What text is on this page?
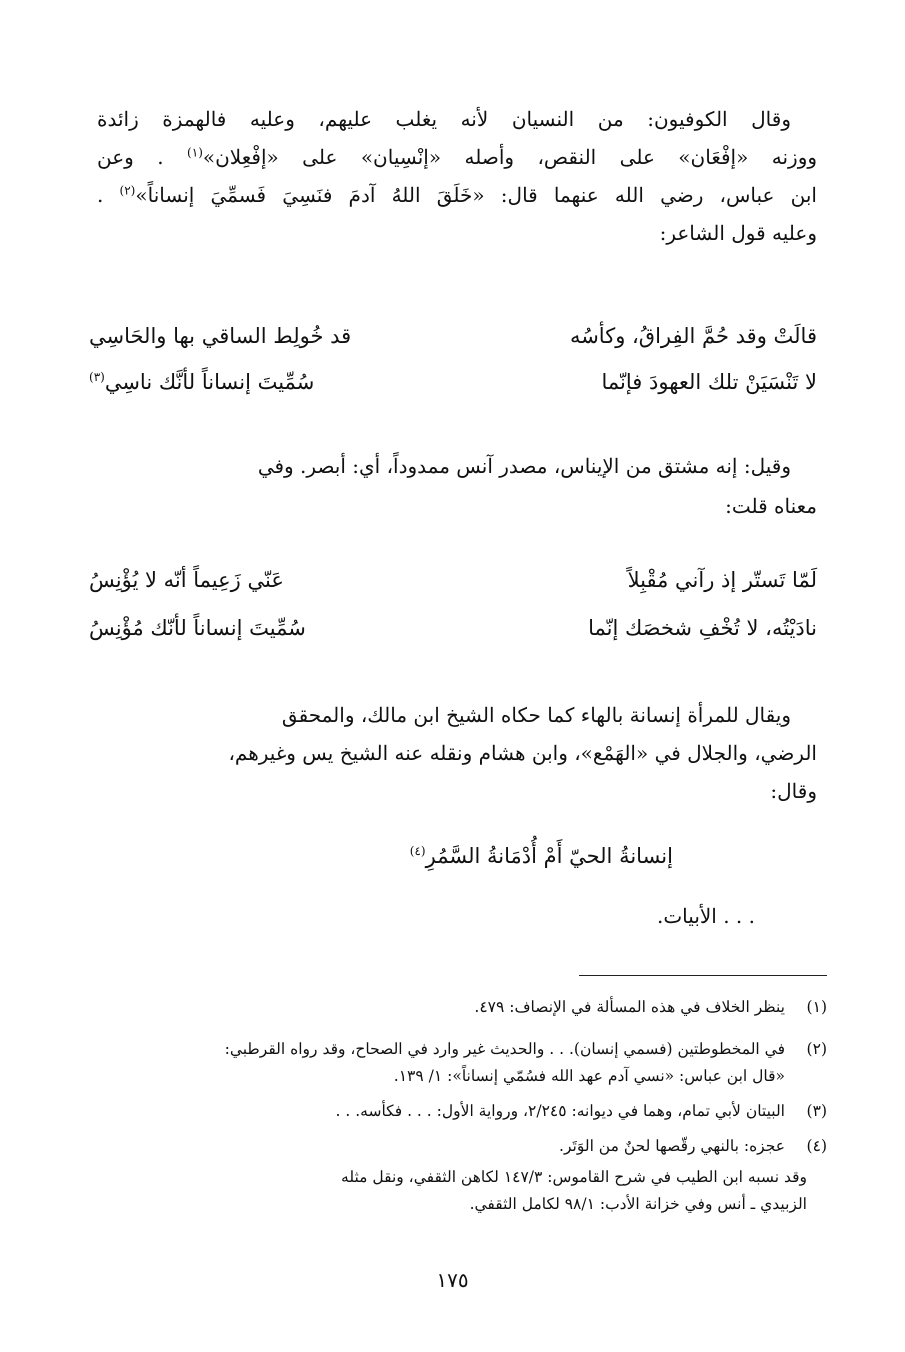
وقال الكوفيون: من النسيان لأنه يغلب عليهم، وعليه فالهمزة زائدة
ووزنه «إفْعَان» على النقص، وأصله «إنْسِيان» على «إفْعِلان»$^{(١)}$ . وعن
ابن عباس، رضي الله عنهما قال: «خَلَقَ اللهُ آدمَ فنَسِيَ فَسمِّيَ إنساناً»$^{(٢)}$ .
وعليه قول الشاعر:
قالَتْ وقد حُمَّ الفِراقُ، وكأسُه
قد خُولِط الساقي بها والحَاسِي
لا تَنْسَيَنْ تلك العهودَ فإنّما
سُمِّيتَ إنساناً لأنَّك ناسِي$^{(٣)}$
وقيل: إنه مشتق من الإيناس، مصدر آنس ممدوداً، أي: أبصر. وفي
معناه قلت:
لَمّا تَستّر إذ رآني مُقْبِلاً
عَنّي زَعِيماً أنّه لا يُؤْنِسُ
نادَيْتُه، لا تُخْفِ شخصَك إنّما
سُمِّيتَ إنساناً لأنّك مُؤْنِسُ
ويقال للمرأة إنسانة بالهاء كما حكاه الشيخ ابن مالك، والمحقق
الرضي، والجلال في «الهَمْع»، وابن هشام ونقله عنه الشيخ يس وغيرهم،
وقال:
إنسانةُ الحيّ أَمْ أُدْمَانةُ السَّمُرِ$^{(٤)}$
. . . الأبيات.
(١)
ينظر الخلاف في هذه المسألة في الإنصاف: ٤٧٩.
(٢)
في المخطوطتين (فسمي إنسان). . . والحديث غير وارد في الصحاح، وقد رواه القرطبي:
«قال ابن عباس: «نسي آدم عهد الله فسُمّي إنساناً»: ١/ ١٣٩.
(٣)
البيتان لأبي تمام، وهما في ديوانه: ٢/٢٤٥، ورواية الأول: . . . فكأسه. . .
(٤)
عجزه: بالنهي رقّصها لحنٌ من الوَتَر.
وقد نسبه ابن الطيب في شرح القاموس: ١٤٧/٣ لكاهن الثقفي، ونقل مثله
الزبيدي ـ أنس وفي خزانة الأدب: ٩٨/١ لكامل الثقفي.
١٧٥
